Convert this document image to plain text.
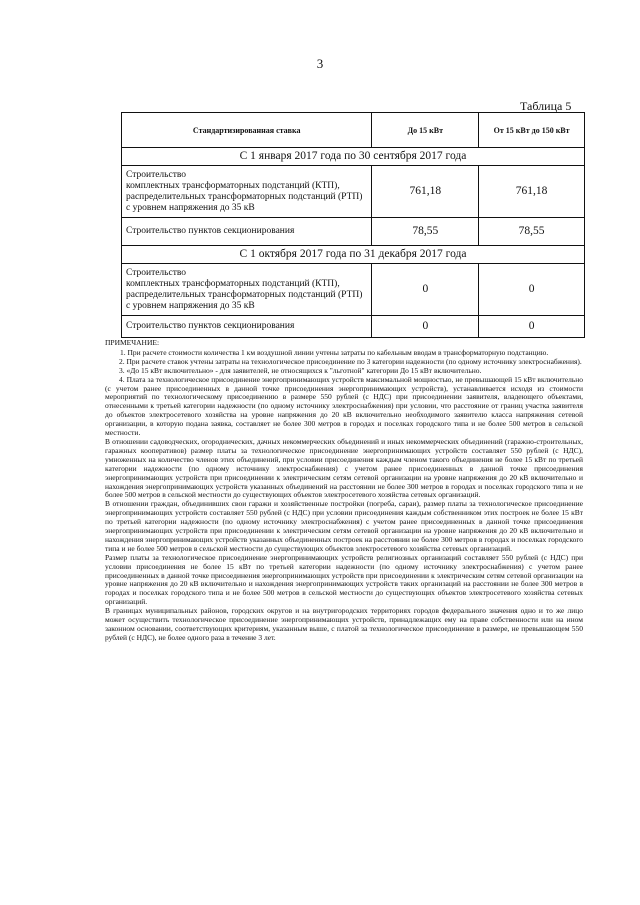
3
Таблица 5
Стандартизированная ставка	До 15 кВт	От 15 кВт до 150 кВт
С 1 января 2017 года по 30 сентября 2017 года		
Строительство
комплектных трансформаторных подстанций (КТП), распределительных трансформаторных подстанций (РТП) с уровнем напряжения до 35 кВ	761,18	761,18
Строительство пунктов секционирования	78,55	78,55
С 1 октября 2017 года по 31 декабря 2017 года		
Строительство
комплектных трансформаторных подстанций (КТП), распределительных трансформаторных подстанций (РТП) с уровнем напряжения до 35 кВ	0	0
Строительство пунктов секционирования	0	0

ПРИМЕЧАНИЕ:

1. При расчете стоимости количества 1 км воздушной линии учтены затраты по кабельным вводам в трансформаторную подстанцию.

2. При расчете ставок учтены затраты на технологическое присоединение по 3 категории надежности (по одному источнику электроснабжения).

3. «До 15 кВт включительно» - для заявителей, не относящихся к "льготной" категории До 15 кВт включительно.

4. Плата за технологическое присоединение энергопринимающих устройств максимальной мощностью, не превышающей 15 кВт включительно (с учетом ранее присоединенных в данной точке присоединения энергопринимающих устройств), устанавливается исходя из стоимости мероприятий по технологическому присоединению в размере 550 рублей (с НДС) при присоединении заявителя, владеющего объектами, отнесенными к третьей категории надежности (по одному источнику электроснабжения) при условии, что расстояние от границ участка заявителя до объектов электросетевого хозяйства на уровне напряжения до 20 кВ включительно необходимого заявителю класса напряжения сетевой организации, в которую подана заявка, составляет не более 300 метров в городах и поселках городского типа и не более 500 метров в сельской местности.

В отношении садоводческих, огороднических, дачных некоммерческих объединений и иных некоммерческих объединений (гаражно-строительных, гаражных кооперативов) размер платы за технологическое присоединение энергопринимающих устройств составляет 550 рублей (с НДС), умноженных на количество членов этих объединений, при условии присоединения каждым членом такого объединения не более 15 кВт по третьей категории надежности (по одному источнику электроснабжения) с учетом ранее присоединенных в данной точке присоединения энергопринимающих устройств при присоединении к электрическим сетям сетевой организации на уровне напряжения до 20 кВ включительно и нахождения энергопринимающих устройств указанных объединений на расстоянии не более 300 метров в городах и поселках городского типа и не более 500 метров в сельской местности до существующих объектов электросетевого хозяйства сетевых организаций.

В отношении граждан, объединивших свои гаражи и хозяйственные постройки (погреба, сараи), размер платы за технологическое присоединение энергопринимающих устройств составляет 550 рублей (с НДС) при условии присоединения каждым собственником этих построек не более 15 кВт по третьей категории надежности (по одному источнику электроснабжения) с учетом ранее присоединенных в данной точке присоединения энергопринимающих устройств при присоединении к электрическим сетям сетевой организации на уровне напряжения до 20 кВ включительно и нахождения энергопринимающих устройств указанных объединенных построек на расстоянии не более 300 метров в городах и поселках городского типа и не более 500 метров в сельской местности до существующих объектов электросетевого хозяйства сетевых организаций.

Размер платы за технологическое присоединение энергопринимающих устройств религиозных организаций составляет 550 рублей (с НДС) при условии присоединения не более 15 кВт по третьей категории надежности (по одному источнику электроснабжения) с учетом ранее присоединенных в данной точке присоединения энергопринимающих устройств при присоединении к электрическим сетям сетевой организации на уровне напряжения до 20 кВ включительно и нахождения энергопринимающих устройств таких организаций на расстоянии не более 300 метров в городах и поселках городского типа и не более 500 метров в сельской местности до существующих объектов электросетевого хозяйства сетевых организаций.

В границах муниципальных районов, городских округов и на внутригородских территориях городов федерального значения одно и то же лицо может осуществить технологическое присоединение энергопринимающих устройств, принадлежащих ему на праве собственности или на ином законном основании, соответствующих критериям, указанным выше, с платой за технологическое присоединение в размере, не превышающем 550 рублей (с НДС), не более одного раза в течение 3 лет.
